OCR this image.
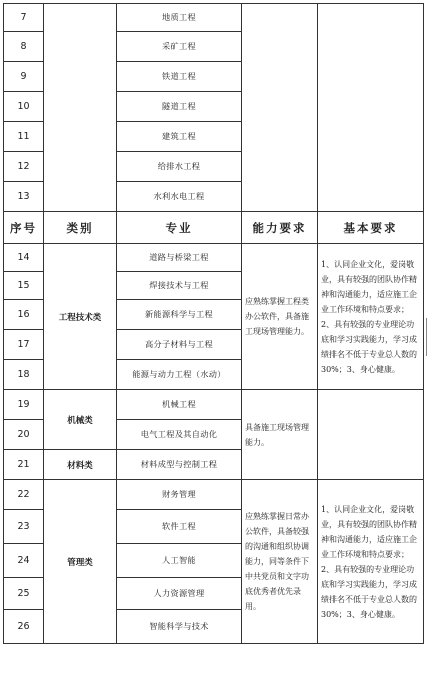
7		地质工程		
8		采矿工程		
9		铁道工程		
10		隧道工程		
11		建筑工程		
12		给排水工程		
13		水利水电工程		
序号	类别	专业	能力要求	基本要求
14	工程技术类	道路与桥梁工程	应熟练掌握工程类办公软件，具备施工现场管理能力。	1、认同企业文化，爱岗敬业，具有较强的团队协作精神和沟通能力，适应施工企业工作环境和特点要求；2、具有较强的专业理论功底和学习实践能力，学习成绩排名不低于专业总人数的30%；3、身心健康。
15		焊接技术与工程		
16		新能源科学与工程		
17		高分子材料与工程		
18		能源与动力工程（水动）		
19	机械类	机械工程	具备施工现场管理能力。	
20		电气工程及其自动化		
21	材料类	材料成型与控制工程		
22	管理类	财务管理	应熟练掌握日常办公软件，具备较强的沟通和组织协调能力，同等条件下中共党员和文字功底优秀者优先录用。	1、认同企业文化，爱岗敬业，具有较强的团队协作精神和沟通能力，适应施工企业工作环境和特点要求；2、具有较强的专业理论功底和学习实践能力，学习成绩排名不低于专业总人数的30%；3、身心健康。
23		软件工程		
24		人工智能		
25		人力资源管理		
26		智能科学与技术		
